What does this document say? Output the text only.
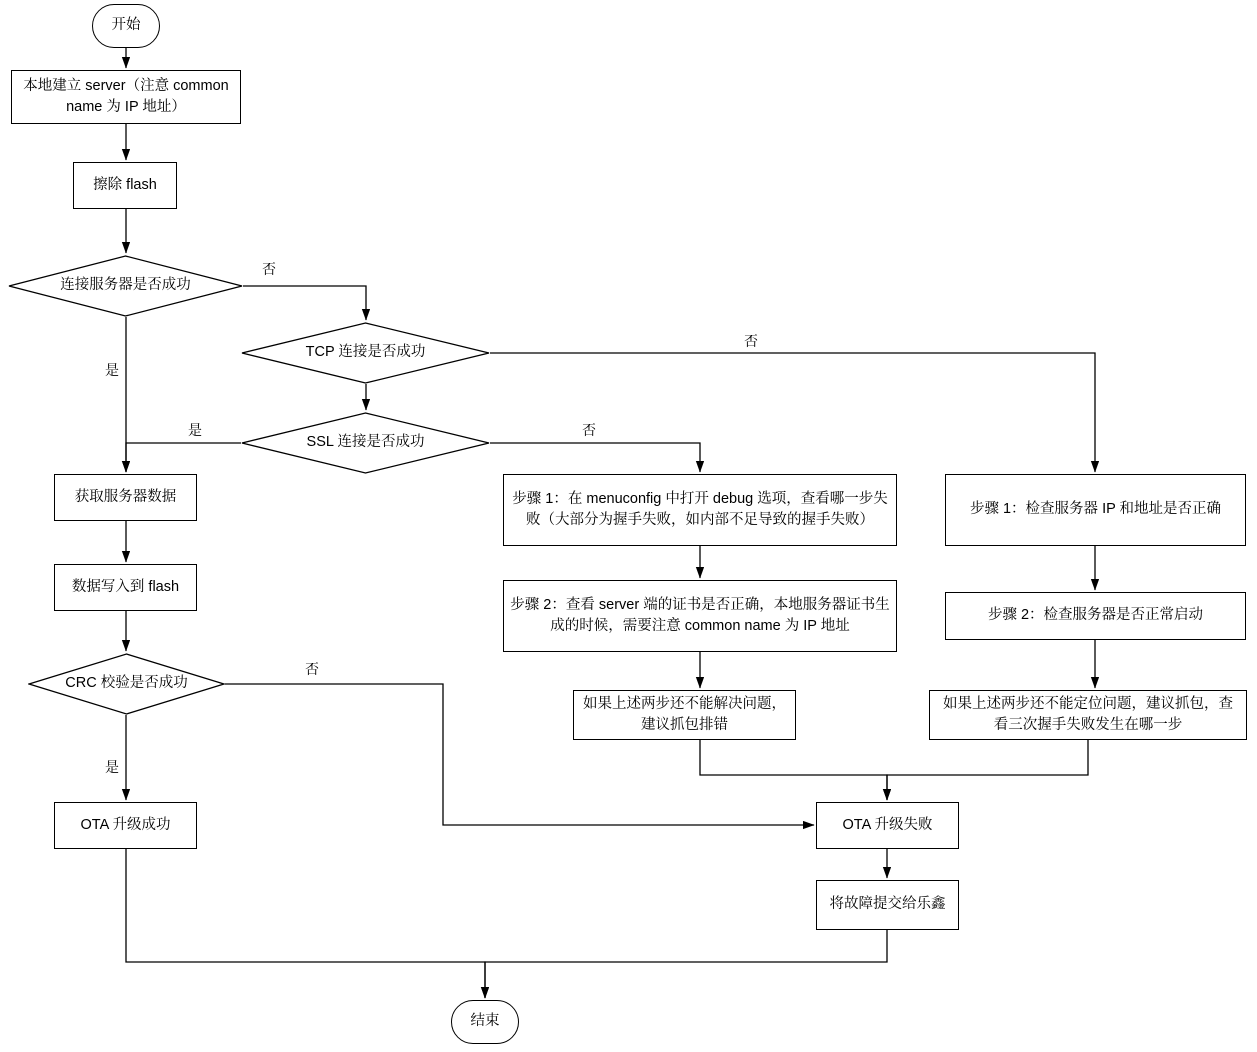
开始
本地建立 server（注意 common name 为 IP 地址）
擦除 flash
连接服务器是否成功
TCP 连接是否成功
SSL 连接是否成功
获取服务器数据
数据写入到 flash
CRC 校验是否成功
OTA 升级成功
步骤 1：在 menuconfig 中打开 debug 选项，查看哪一步失败（大部分为握手失败，如内部不足导致的握手失败）
步骤 2：查看 server 端的证书是否正确，本地服务器证书生成的时候，需要注意 common name 为 IP 地址
如果上述两步还不能解决问题，建议抓包排错
步骤 1：检查服务器 IP 和地址是否正确
步骤 2：检查服务器是否正常启动
如果上述两步还不能定位问题，建议抓包，查看三次握手失败发生在哪一步
OTA 升级失败
将故障提交给乐鑫
结束
否
是
否
是	否
否
是
